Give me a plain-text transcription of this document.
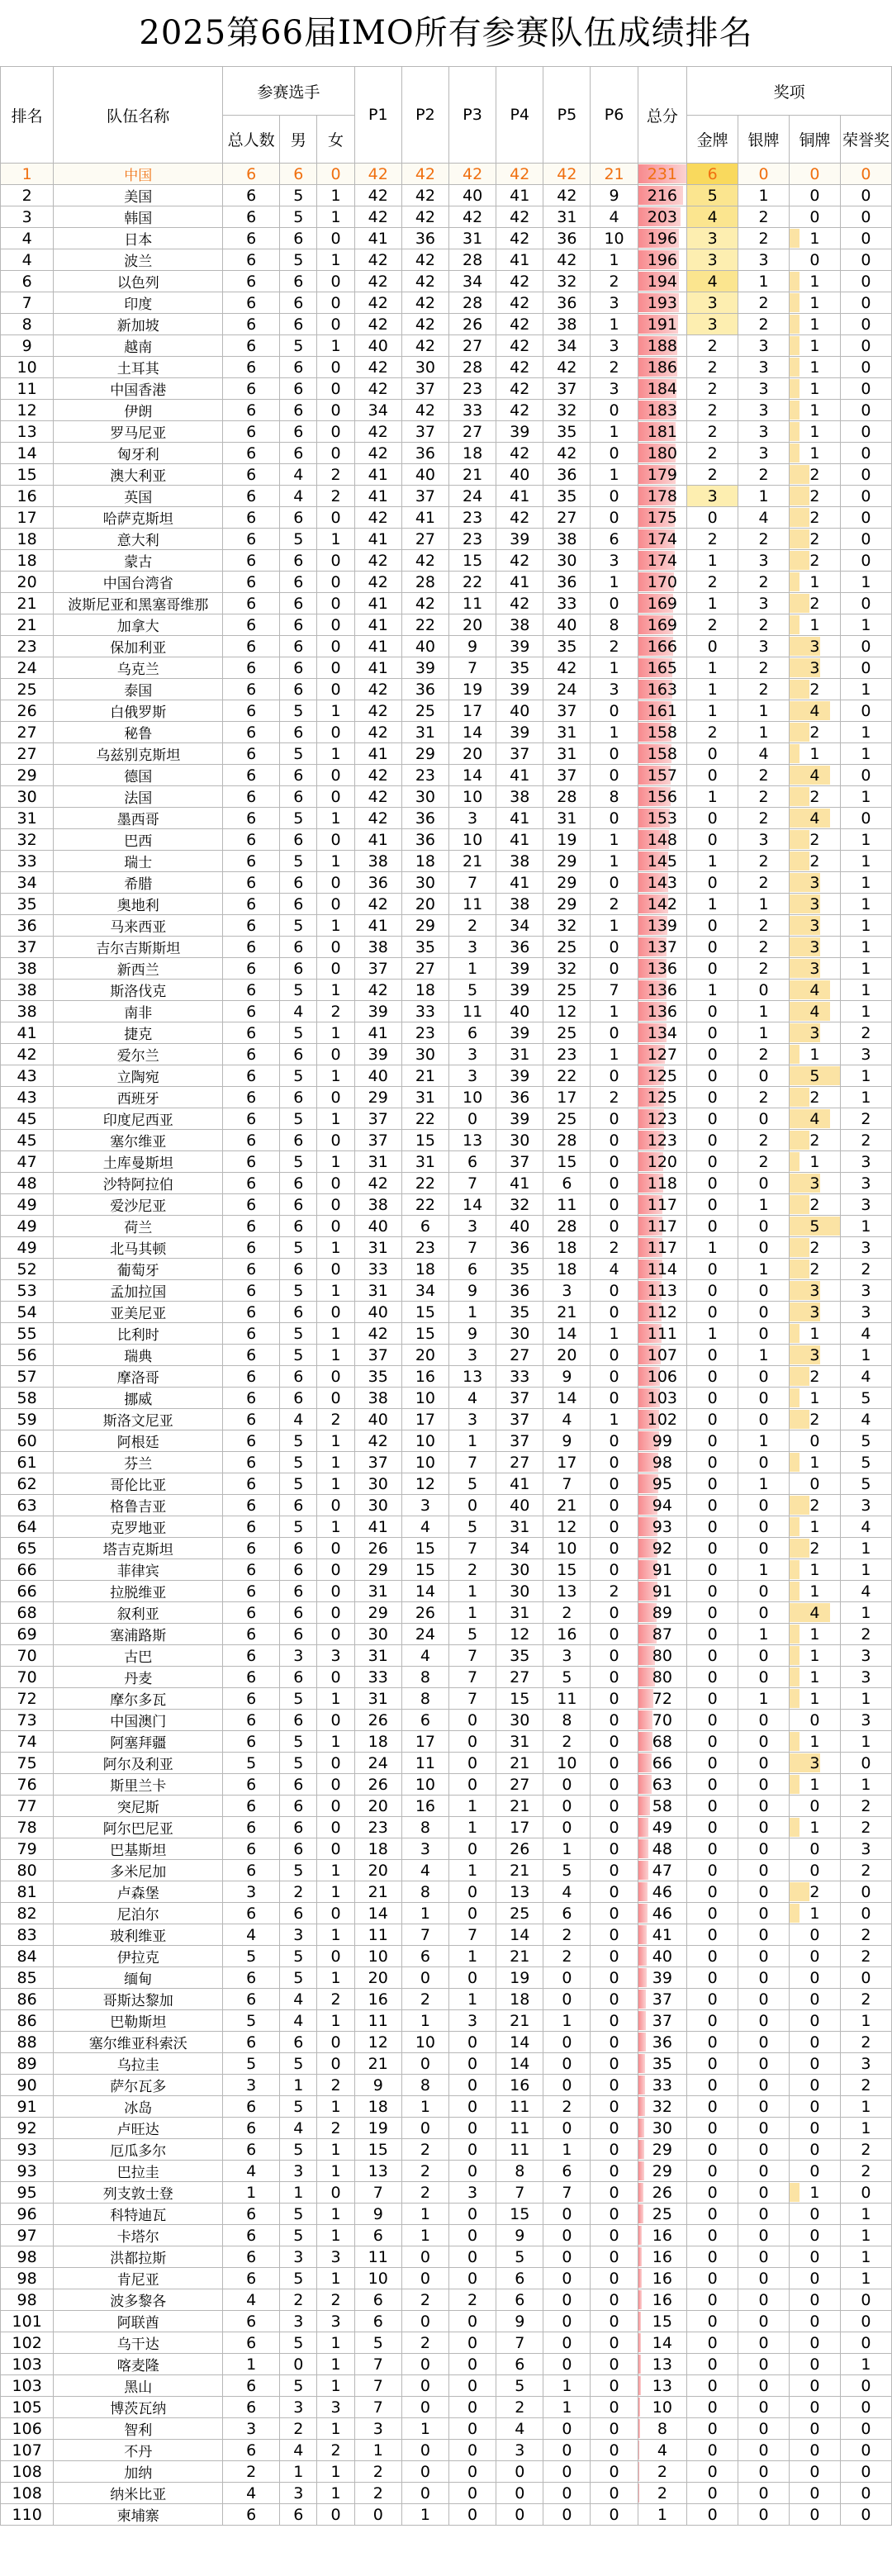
2025第66届IMO所有参赛队伍成绩排名
排名	队伍名称	参赛选手			P1	P2	P3	P4	P5	P6	总分	奖项			
		总人数	男	女								金牌	银牌	铜牌	荣誉奖
1	中国	6	6	0	42	42	42	42	42	21	231	6	0	0	0
2	美国	6	5	1	42	42	40	41	42	9	216	5	1	0	0
3	韩国	6	5	1	42	42	42	42	31	4	203	4	2	0	0
4	日本	6	6	0	41	36	31	42	36	10	196	3	2	1	0
4	波兰	6	5	1	42	42	28	41	42	1	196	3	3	0	0
6	以色列	6	6	0	42	42	34	42	32	2	194	4	1	1	0
7	印度	6	6	0	42	42	28	42	36	3	193	3	2	1	0
8	新加坡	6	6	0	42	42	26	42	38	1	191	3	2	1	0
9	越南	6	5	1	40	42	27	42	34	3	188	2	3	1	0
10	土耳其	6	6	0	42	30	28	42	42	2	186	2	3	1	0
11	中国香港	6	6	0	42	37	23	42	37	3	184	2	3	1	0
12	伊朗	6	6	0	34	42	33	42	32	0	183	2	3	1	0
13	罗马尼亚	6	6	0	42	37	27	39	35	1	181	2	3	1	0
14	匈牙利	6	6	0	42	36	18	42	42	0	180	2	3	1	0
15	澳大利亚	6	4	2	41	40	21	40	36	1	179	2	2	2	0
16	英国	6	4	2	41	37	24	41	35	0	178	3	1	2	0
17	哈萨克斯坦	6	6	0	42	41	23	42	27	0	175	0	4	2	0
18	意大利	6	5	1	41	27	23	39	38	6	174	2	2	2	0
18	蒙古	6	6	0	42	42	15	42	30	3	174	1	3	2	0
20	中国台湾省	6	6	0	42	28	22	41	36	1	170	2	2	1	1
21	波斯尼亚和黑塞哥维那	6	6	0	41	42	11	42	33	0	169	1	3	2	0
21	加拿大	6	6	0	41	22	20	38	40	8	169	2	2	1	1
23	保加利亚	6	6	0	41	40	9	39	35	2	166	0	3	3	0
24	乌克兰	6	6	0	41	39	7	35	42	1	165	1	2	3	0
25	泰国	6	6	0	42	36	19	39	24	3	163	1	2	2	1
26	白俄罗斯	6	5	1	42	25	17	40	37	0	161	1	1	4	0
27	秘鲁	6	6	0	42	31	14	39	31	1	158	2	1	2	1
27	乌兹别克斯坦	6	5	1	41	29	20	37	31	0	158	0	4	1	1
29	德国	6	6	0	42	23	14	41	37	0	157	0	2	4	0
30	法国	6	6	0	42	30	10	38	28	8	156	1	2	2	1
31	墨西哥	6	5	1	42	36	3	41	31	0	153	0	2	4	0
32	巴西	6	6	0	41	36	10	41	19	1	148	0	3	2	1
33	瑞士	6	5	1	38	18	21	38	29	1	145	1	2	2	1
34	希腊	6	6	0	36	30	7	41	29	0	143	0	2	3	1
35	奥地利	6	6	0	42	20	11	38	29	2	142	1	1	3	1
36	马来西亚	6	5	1	41	29	2	34	32	1	139	0	2	3	1
37	吉尔吉斯斯坦	6	6	0	38	35	3	36	25	0	137	0	2	3	1
38	新西兰	6	6	0	37	27	1	39	32	0	136	0	2	3	1
38	斯洛伐克	6	5	1	42	18	5	39	25	7	136	1	0	4	1
38	南非	6	4	2	39	33	11	40	12	1	136	0	1	4	1
41	捷克	6	5	1	41	23	6	39	25	0	134	0	1	3	2
42	爱尔兰	6	6	0	39	30	3	31	23	1	127	0	2	1	3
43	立陶宛	6	5	1	40	21	3	39	22	0	125	0	0	5	1
43	西班牙	6	6	0	29	31	10	36	17	2	125	0	2	2	1
45	印度尼西亚	6	5	1	37	22	0	39	25	0	123	0	0	4	2
45	塞尔维亚	6	6	0	37	15	13	30	28	0	123	0	2	2	2
47	土库曼斯坦	6	5	1	31	31	6	37	15	0	120	0	2	1	3
48	沙特阿拉伯	6	6	0	42	22	7	41	6	0	118	0	0	3	3
49	爱沙尼亚	6	6	0	38	22	14	32	11	0	117	0	1	2	3
49	荷兰	6	6	0	40	6	3	40	28	0	117	0	0	5	1
49	北马其顿	6	5	1	31	23	7	36	18	2	117	1	0	2	3
52	葡萄牙	6	6	0	33	18	6	35	18	4	114	0	1	2	2
53	孟加拉国	6	5	1	31	34	9	36	3	0	113	0	0	3	3
54	亚美尼亚	6	6	0	40	15	1	35	21	0	112	0	0	3	3
55	比利时	6	5	1	42	15	9	30	14	1	111	1	0	1	4
56	瑞典	6	5	1	37	20	3	27	20	0	107	0	1	3	1
57	摩洛哥	6	6	0	35	16	13	33	9	0	106	0	0	2	4
58	挪威	6	6	0	38	10	4	37	14	0	103	0	0	1	5
59	斯洛文尼亚	6	4	2	40	17	3	37	4	1	102	0	0	2	4
60	阿根廷	6	5	1	42	10	1	37	9	0	99	0	1	0	5
61	芬兰	6	5	1	37	10	7	27	17	0	98	0	0	1	5
62	哥伦比亚	6	5	1	30	12	5	41	7	0	95	0	1	0	5
63	格鲁吉亚	6	6	0	30	3	0	40	21	0	94	0	0	2	3
64	克罗地亚	6	5	1	41	4	5	31	12	0	93	0	0	1	4
65	塔吉克斯坦	6	6	0	26	15	7	34	10	0	92	0	0	2	1
66	菲律宾	6	6	0	29	15	2	30	15	0	91	0	1	1	1
66	拉脱维亚	6	6	0	31	14	1	30	13	2	91	0	0	1	4
68	叙利亚	6	6	0	29	26	1	31	2	0	89	0	0	4	1
69	塞浦路斯	6	6	0	30	24	5	12	16	0	87	0	1	1	2
70	古巴	6	3	3	31	4	7	35	3	0	80	0	0	1	3
70	丹麦	6	6	0	33	8	7	27	5	0	80	0	0	1	3
72	摩尔多瓦	6	5	1	31	8	7	15	11	0	72	0	1	1	1
73	中国澳门	6	6	0	26	6	0	30	8	0	70	0	0	0	3
74	阿塞拜疆	6	5	1	18	17	0	31	2	0	68	0	0	1	1
75	阿尔及利亚	5	5	0	24	11	0	21	10	0	66	0	0	3	0
76	斯里兰卡	6	6	0	26	10	0	27	0	0	63	0	0	1	1
77	突尼斯	6	6	0	20	16	1	21	0	0	58	0	0	0	2
78	阿尔巴尼亚	6	6	0	23	8	1	17	0	0	49	0	0	1	2
79	巴基斯坦	6	6	0	18	3	0	26	1	0	48	0	0	0	3
80	多米尼加	6	5	1	20	4	1	21	5	0	47	0	0	0	2
81	卢森堡	3	2	1	21	8	0	13	4	0	46	0	0	2	0
82	尼泊尔	6	6	0	14	1	0	25	6	0	46	0	0	1	0
83	玻利维亚	4	3	1	11	7	7	14	2	0	41	0	0	0	2
84	伊拉克	5	5	0	10	6	1	21	2	0	40	0	0	0	2
85	缅甸	6	5	1	20	0	0	19	0	0	39	0	0	0	0
86	哥斯达黎加	6	4	2	16	2	1	18	0	0	37	0	0	0	2
86	巴勒斯坦	5	4	1	11	1	3	21	1	0	37	0	0	0	1
88	塞尔维亚科索沃	6	6	0	12	10	0	14	0	0	36	0	0	0	2
89	乌拉圭	5	5	0	21	0	0	14	0	0	35	0	0	0	3
90	萨尔瓦多	3	1	2	9	8	0	16	0	0	33	0	0	0	2
91	冰岛	6	5	1	18	1	0	11	2	0	32	0	0	0	1
92	卢旺达	6	4	2	19	0	0	11	0	0	30	0	0	0	1
93	厄瓜多尔	6	5	1	15	2	0	11	1	0	29	0	0	0	2
93	巴拉圭	4	3	1	13	2	0	8	6	0	29	0	0	0	2
95	列支敦士登	1	1	0	7	2	3	7	7	0	26	0	0	1	0
96	科特迪瓦	6	5	1	9	1	0	15	0	0	25	0	0	0	1
97	卡塔尔	6	5	1	6	1	0	9	0	0	16	0	0	0	1
98	洪都拉斯	6	3	3	11	0	0	5	0	0	16	0	0	0	1
98	肯尼亚	6	5	1	10	0	0	6	0	0	16	0	0	0	1
98	波多黎各	4	2	2	6	2	2	6	0	0	16	0	0	0	0
101	阿联酋	6	3	3	6	0	0	9	0	0	15	0	0	0	0
102	乌干达	6	5	1	5	2	0	7	0	0	14	0	0	0	0
103	喀麦隆	1	0	1	7	0	0	6	0	0	13	0	0	0	1
103	黑山	6	5	1	7	0	0	5	1	0	13	0	0	0	0
105	博茨瓦纳	6	3	3	7	0	0	2	1	0	10	0	0	0	0
106	智利	3	2	1	3	1	0	4	0	0	8	0	0	0	0
107	不丹	6	4	2	1	0	0	3	0	0	4	0	0	0	0
108	加纳	2	1	1	2	0	0	0	0	0	2	0	0	0	0
108	纳米比亚	4	3	1	2	0	0	0	0	0	2	0	0	0	0
110	柬埔寨	6	6	0	0	1	0	0	0	0	1	0	0	0	0
